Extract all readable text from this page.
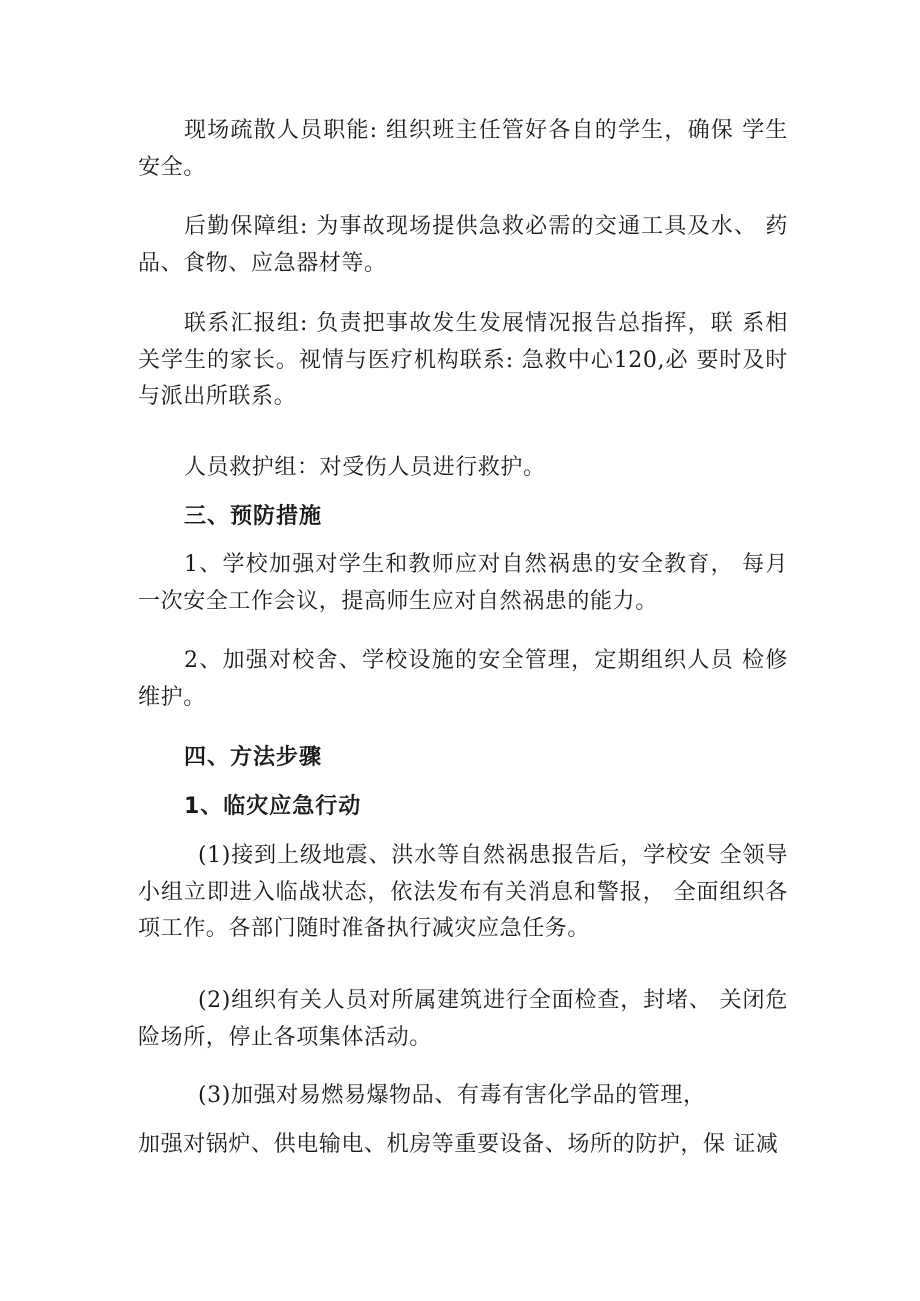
现场疏散人员职能: 组织班主任管好各自的学生，确保 学生安全。

后勤保障组: 为事故现场提供急救必需的交通工具及水、 药品、食物、应急器材等。

联系汇报组: 负责把事故发生发展情况报告总指挥，联 系相关学生的家长。视情与医疗机构联系: 急救中心120,必 要时及时与派出所联系。

人员救护组：对受伤人员进行救护。

三、预防措施

1、学校加强对学生和教师应对自然祸患的安全教育， 每月一次安全工作会议，提高师生应对自然祸患的能力。

2、加强对校舍、学校设施的安全管理，定期组织人员 检修维护。

四、方法步骤

1、临灾应急行动

(1)接到上级地震、洪水等自然祸患报告后，学校安 全领导小组立即进入临战状态，依法发布有关消息和警报， 全面组织各项工作。各部门随时准备执行减灾应急任务。

(2)组织有关人员对所属建筑进行全面检查，封堵、 关闭危险场所，停止各项集体活动。

(3)加强对易燃易爆物品、有毒有害化学品的管理，

加强对锅炉、供电输电、机房等重要设备、场所的防护，保 证减
